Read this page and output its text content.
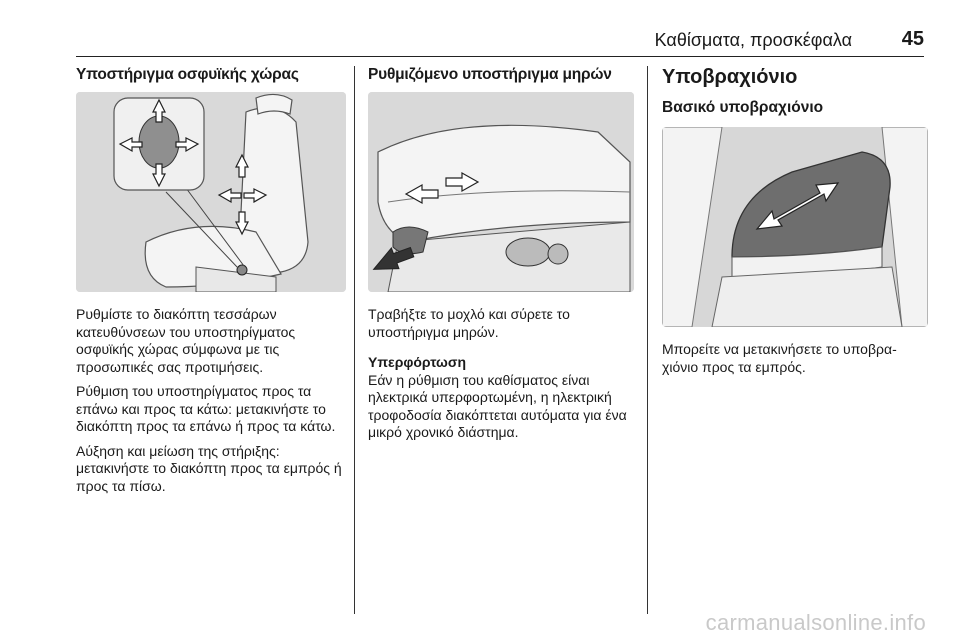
Καθίσματα, προσκέφαλα 45
Υποστήριγμα οσφυϊκής χώρας

Ρυθμίστε το διακόπτη τεσσάρων κατευθύνσεων του υποστηρίγματος οσφυϊκής χώρας σύμφωνα με τις προσωπικές σας προτιμήσεις.

Ρύθμιση του υποστηρίγματος προς τα επάνω και προς τα κάτω: μετακινήστε το διακόπτη προς τα επάνω ή προς τα κάτω.

Αύξηση και μείωση της στήριξης: μετακινήστε το διακόπτη προς τα εμπρός ή προς τα πίσω.

Ρυθμιζόμενο υποστήριγμα μηρών

Τραβήξτε το μοχλό και σύρετε το υποστήριγμα μηρών.

Υπερφόρτωση

Εάν η ρύθμιση του καθίσματος είναι ηλεκτρικά υπερφορτωμένη, η ηλεκτρική τροφοδοσία διακόπτεται αυτόματα για ένα μικρό χρονικό διάστημα.

Υποβραχιόνιο
Βασικό υποβραχιόνιο

Μπορείτε να μετακινήσετε το υποβρα-χιόνιο προς τα εμπρός.

carmanualsonline.info
